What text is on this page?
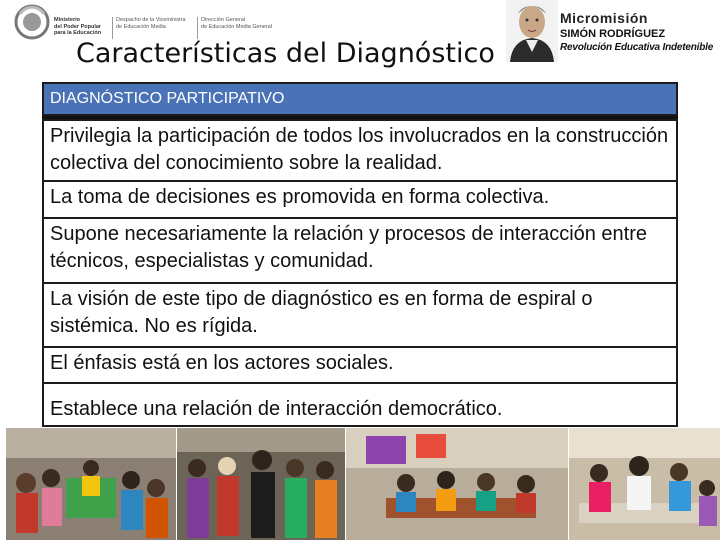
Ministerio
del Poder Popular
para la Educación
Despacho de la Viceministra
de Educación Media
Dirección General
de Educación Media General
Características del Diagnóstico
Micromisión
SIMÓN RODRÍGUEZ
Revolución Educativa Indetenible
DIAGNÓSTICO PARTICIPATIVO
Privilegia la participación de todos los involucrados en la construcción colectiva del conocimiento sobre la realidad.
La toma de decisiones es promovida en forma colectiva.
Supone necesariamente la relación y procesos de interacción entre técnicos, especialistas y comunidad.
La visión de este tipo de diagnóstico es en forma de espiral o sistémica. No es rígida.
El énfasis está en los actores sociales.
Establece una relación de interacción democrático.
